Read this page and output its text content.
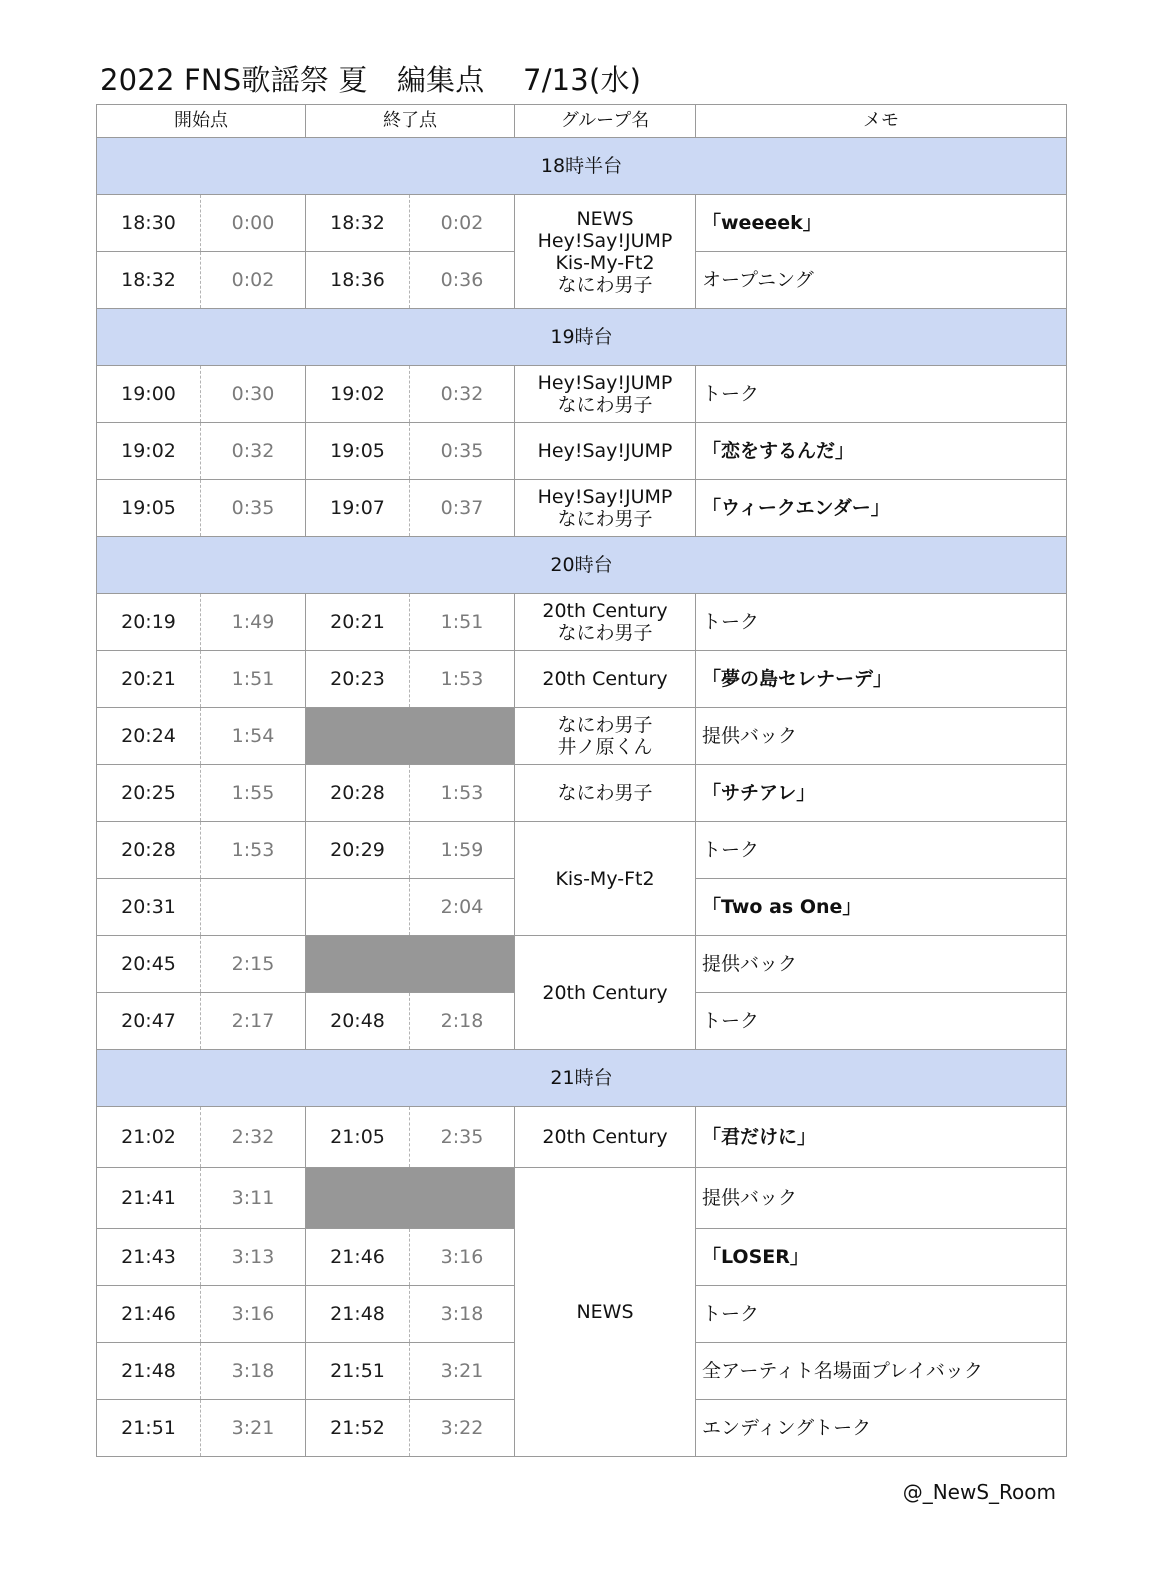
2022 FNS歌謡祭 夏　編集点　 7/13(水)
開始点		終了点		グループ名	メモ
18時半台					
18:30	0:00	18:32	0:02	NEWS
Hey!Say!JUMP
Kis-My-Ft2
なにわ男子	「weeeek」
18:32	0:02	18:36	0:36		オープニング
19時台					
19:00	0:30	19:02	0:32	Hey!Say!JUMP
なにわ男子	トーク
19:02	0:32	19:05	0:35	Hey!Say!JUMP	「恋をするんだ」
19:05	0:35	19:07	0:37	Hey!Say!JUMP
なにわ男子	「ウィークエンダー」
20時台					
20:19	1:49	20:21	1:51	20th Century
なにわ男子	トーク
20:21	1:51	20:23	1:53	20th Century	「夢の島セレナーデ」
20:24	1:54			なにわ男子
井ノ原くん	提供バック
20:25	1:55	20:28	1:53	なにわ男子	「サチアレ」
20:28	1:53	20:29	1:59	Kis-My-Ft2	トーク
20:31			2:04		「Two as One」
20:45	2:15			20th Century	提供バック
20:47	2:17	20:48	2:18		トーク
21時台					
21:02	2:32	21:05	2:35	20th Century	「君だけに」
21:41	3:11			NEWS	提供バック
21:43	3:13	21:46	3:16		「LOSER」
21:46	3:16	21:48	3:18		トーク
21:48	3:18	21:51	3:21		全アーティト名場面プレイバック
21:51	3:21	21:52	3:22		エンディングトーク
@_NewS_Room
